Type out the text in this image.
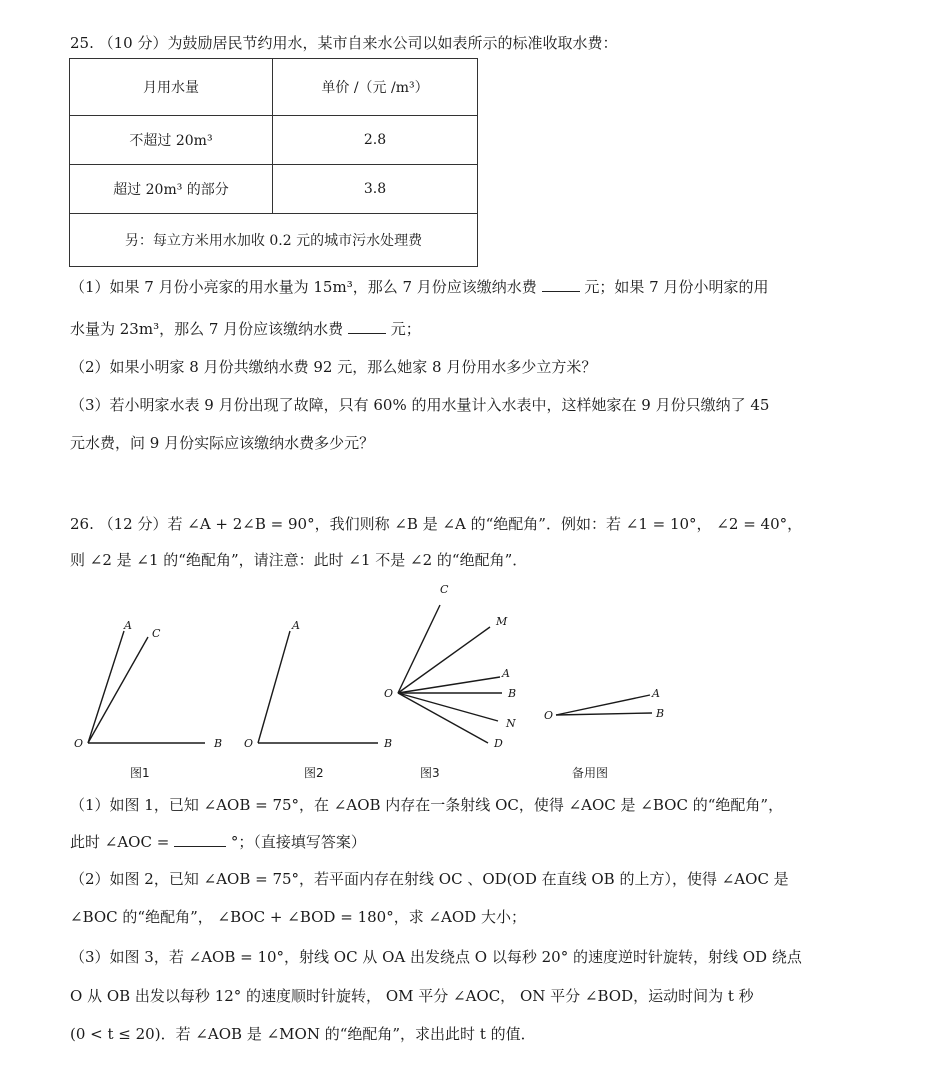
25. （10 分）为鼓励居民节约用水，某市自来水公司以如表所示的标准收取水费：
月用水量	单价 /（元 /m³）
不超过 20m³	2.8
超过 20m³ 的部分	3.8
另：每立方米用水加收 0.2 元的城市污水处理费	
（1）如果 7 月份小亮家的用水量为 15m³，那么 7 月份应该缴纳水费	元；如果 7 月份小明家的用
水量为 23m³，那么 7 月份应该缴纳水费	元；
（2）如果小明家 8 月份共缴纳水费 92 元，那么她家 8 月份用水多少立方米？
（3）若小明家水表 9 月份出现了故障，只有 60% 的用水量计入水表中，这样她家在 9 月份只缴纳了 45
元水费，问 9 月份实际应该缴纳水费多少元？
26. （12 分）若 ∠A + 2∠B = 90°，我们则称 ∠B 是 ∠A 的“绝配角”．例如：若 ∠1 = 10°， ∠2 = 40°，
则 ∠2 是 ∠1 的“绝配角”，请注意：此时 ∠1 不是 ∠2 的“绝配角”．
A
C
O	B
图1
A
O	B
图2
C
M
A
O	B
N
D
图3
A
O	B
备用图
（1）如图 1，已知 ∠AOB = 75°，在 ∠AOB 内存在一条射线 OC，使得 ∠AOC 是 ∠BOC 的“绝配角”，
此时 ∠AOC =	°；（直接填写答案）
（2）如图 2，已知 ∠AOB = 75°，若平面内存在射线 OC 、OD(OD 在直线 OB 的上方），使得 ∠AOC 是
∠BOC 的“绝配角”， ∠BOC + ∠BOD = 180°，求 ∠AOD 大小；
（3）如图 3，若 ∠AOB = 10°，射线 OC 从 OA 出发绕点 O 以每秒 20° 的速度逆时针旋转，射线 OD 绕点
O 从 OB 出发以每秒 12° 的速度顺时针旋转， OM 平分 ∠AOC， ON 平分 ∠BOD，运动时间为 t 秒
(0 < t ≤ 20)．若 ∠AOB 是 ∠MON 的“绝配角”，求出此时 t 的值．
